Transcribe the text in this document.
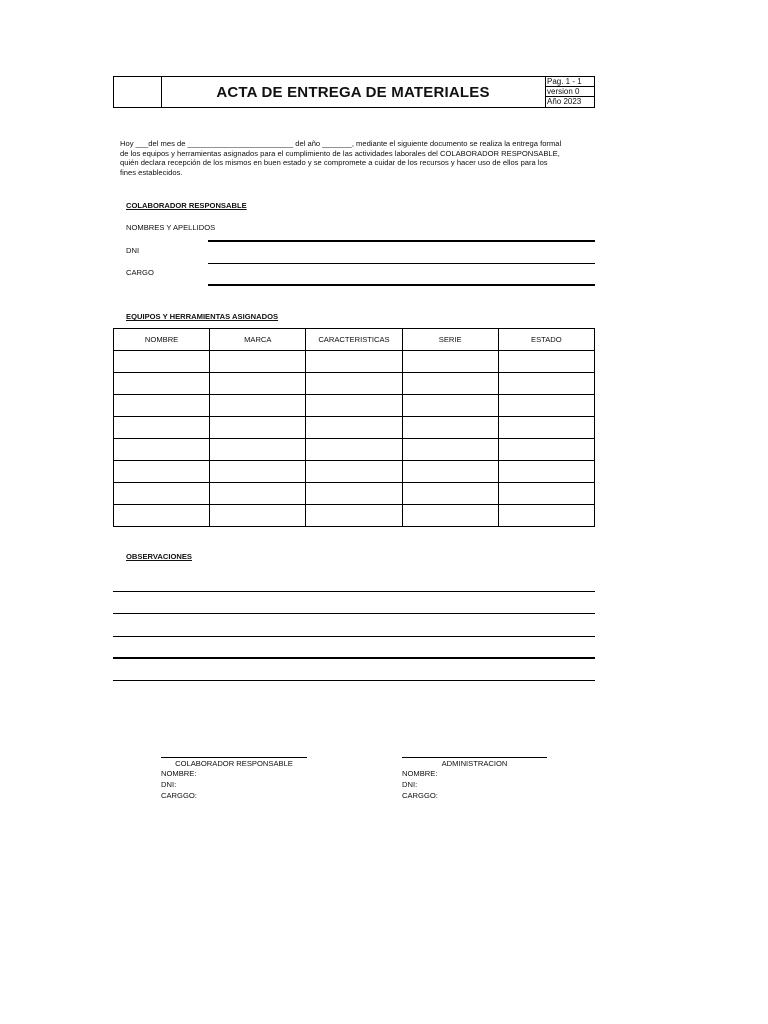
ACTA DE ENTREGA DE MATERIALES
Pag. 1 - 1
version 0
Año 2023
Hoy ___del mes de _________________________ del año _______, mediante el siguiente documento se realiza la entrega formal
de los equipos y herramientas asignados para el cumplimiento de las actividades laborales del COLABORADOR RESPONSABLE,
quién declara recepción de los mismos en buen estado y se compromete a cuidar de los recursos y hacer uso de ellos para los
fines establecidos.
COLABORADOR RESPONSABLE
NOMBRES Y APELLIDOS
DNI
CARGO
EQUIPOS Y HERRAMIENTAS ASIGNADOS
NOMBRE	MARCA	CARACTERISTICAS	SERIE	ESTADO

OBSERVACIONES
COLABORADOR RESPONSABLE
NOMBRE:
DNI:
CARGGO:
ADMINISTRACION
NOMBRE:
DNI:
CARGGO:
